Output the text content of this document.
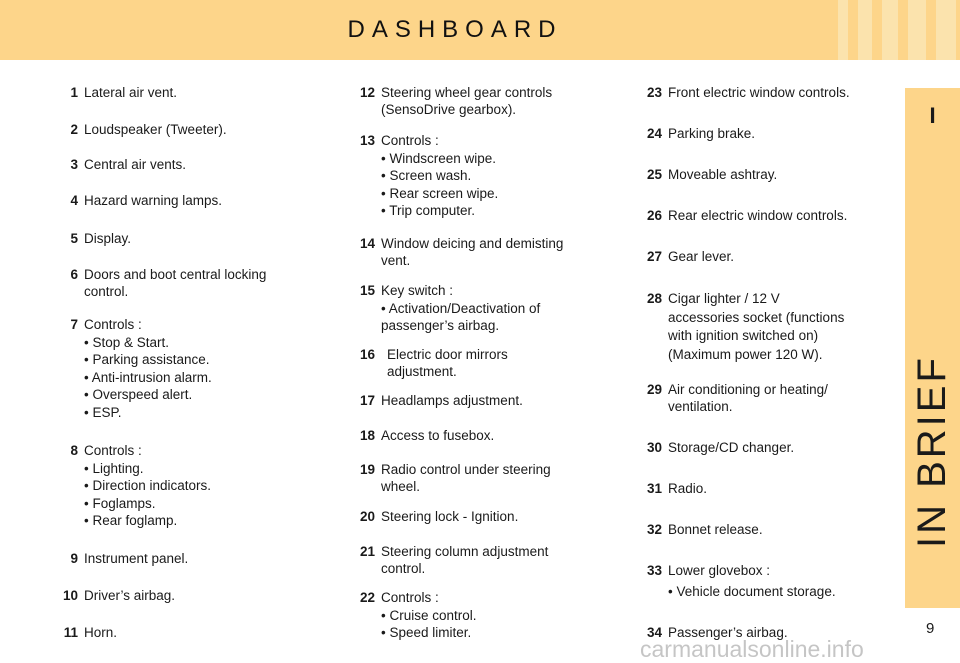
DASHBOARD
I
IN BRIEF
1 Lateral air vent.
2 Loudspeaker (Tweeter).
3 Central air vents.
4 Hazard warning lamps.
5 Display.
6 Doors and boot central locking
control.
7 Controls :
• Stop & Start.
• Parking assistance.
• Anti-intrusion alarm.
• Overspeed alert.
• ESP.
8 Controls :
• Lighting.
• Direction indicators.
• Foglamps.
• Rear foglamp.
9 Instrument panel.
10 Driver’s airbag.
11 Horn.
12 Steering wheel gear controls
(SensoDrive gearbox).
13 Controls :
• Windscreen wipe.
• Screen wash.
• Rear screen wipe.
• Trip computer.
14 Window deicing and demisting
vent.
15 Key switch :
• Activation/Deactivation of
passenger’s airbag.
16 Electric door mirrors
adjustment.
17 Headlamps adjustment.
18 Access to fusebox.
19 Radio control under steering
wheel.
20 Steering lock - Ignition.
21 Steering column adjustment
control.
22 Controls :
• Cruise control.
• Speed limiter.
23 Front electric window controls.
24 Parking brake.
25 Moveable ashtray.
26 Rear electric window controls.
27 Gear lever.
28 Cigar lighter / 12 V
accessories socket (functions
with ignition switched on)
(Maximum power 120 W).
29 Air conditioning or heating/
ventilation.
30 Storage/CD changer.
31 Radio.
32 Bonnet release.
33 Lower glovebox :
• Vehicle document storage.
34 Passenger’s airbag.	9
carmanualsonline.info
